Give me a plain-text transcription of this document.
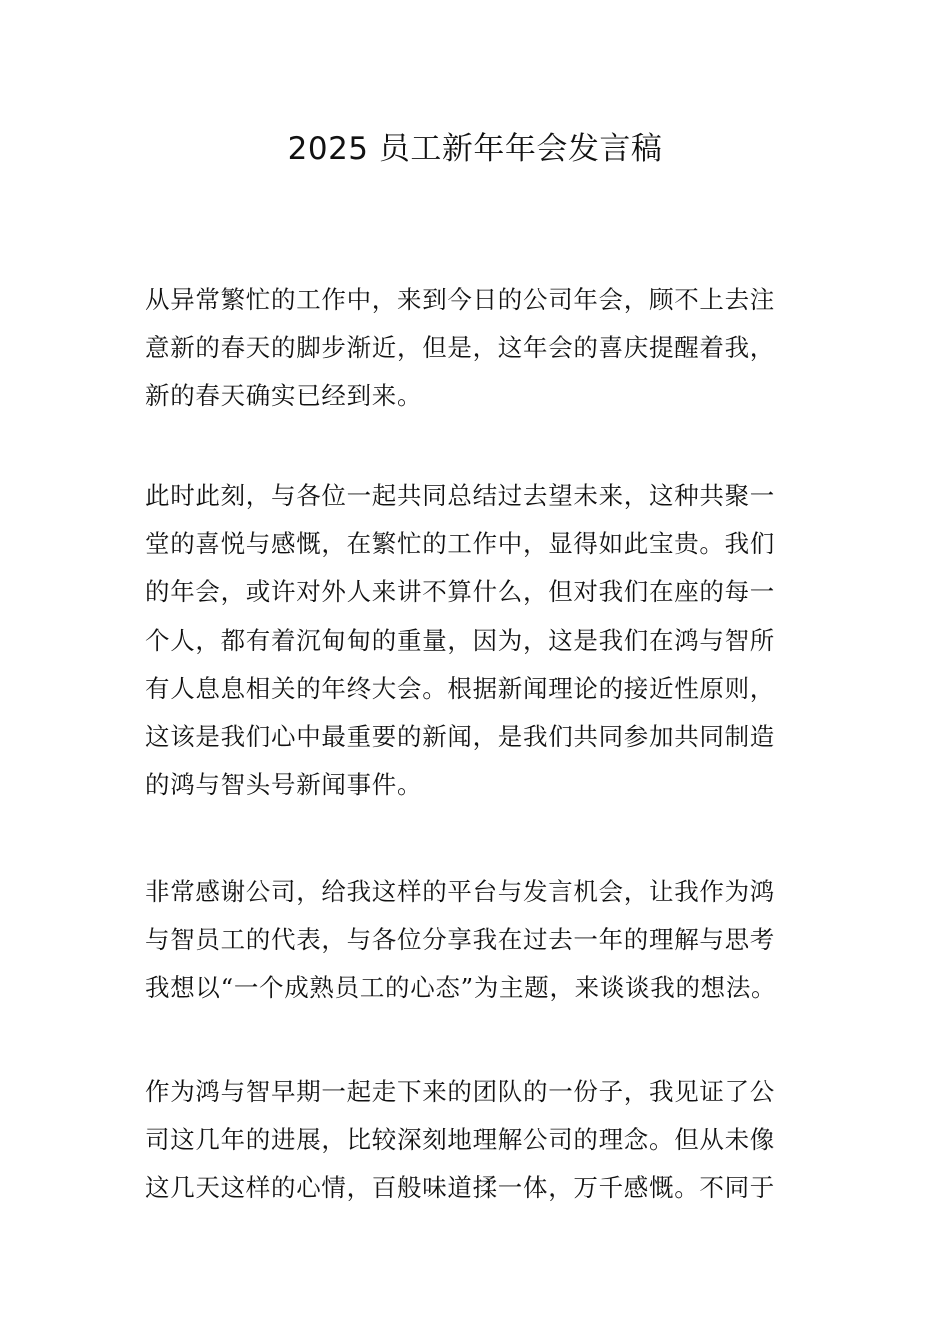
2025 员工新年年会发言稿

从异常繁忙的工作中，来到今日的公司年会，顾不上去注
意新的春天的脚步渐近，但是，这年会的喜庆提醒着我，
新的春天确实已经到来。

此时此刻，与各位一起共同总结过去望未来，这种共聚一
堂的喜悦与感慨，在繁忙的工作中，显得如此宝贵。我们
的年会，或许对外人来讲不算什么，但对我们在座的每一
个人，都有着沉甸甸的重量，因为，这是我们在鸿与智所
有人息息相关的年终大会。根据新闻理论的接近性原则，
这该是我们心中最重要的新闻，是我们共同参加共同制造
的鸿与智头号新闻事件。

非常感谢公司，给我这样的平台与发言机会，让我作为鸿
与智员工的代表，与各位分享我在过去一年的理解与思考
我想以“一个成熟员工的心态”为主题，来谈谈我的想法。

作为鸿与智早期一起走下来的团队的一份子，我见证了公
司这几年的进展，比较深刻地理解公司的理念。但从未像
这几天这样的心情，百般味道揉一体，万千感慨。不同于
